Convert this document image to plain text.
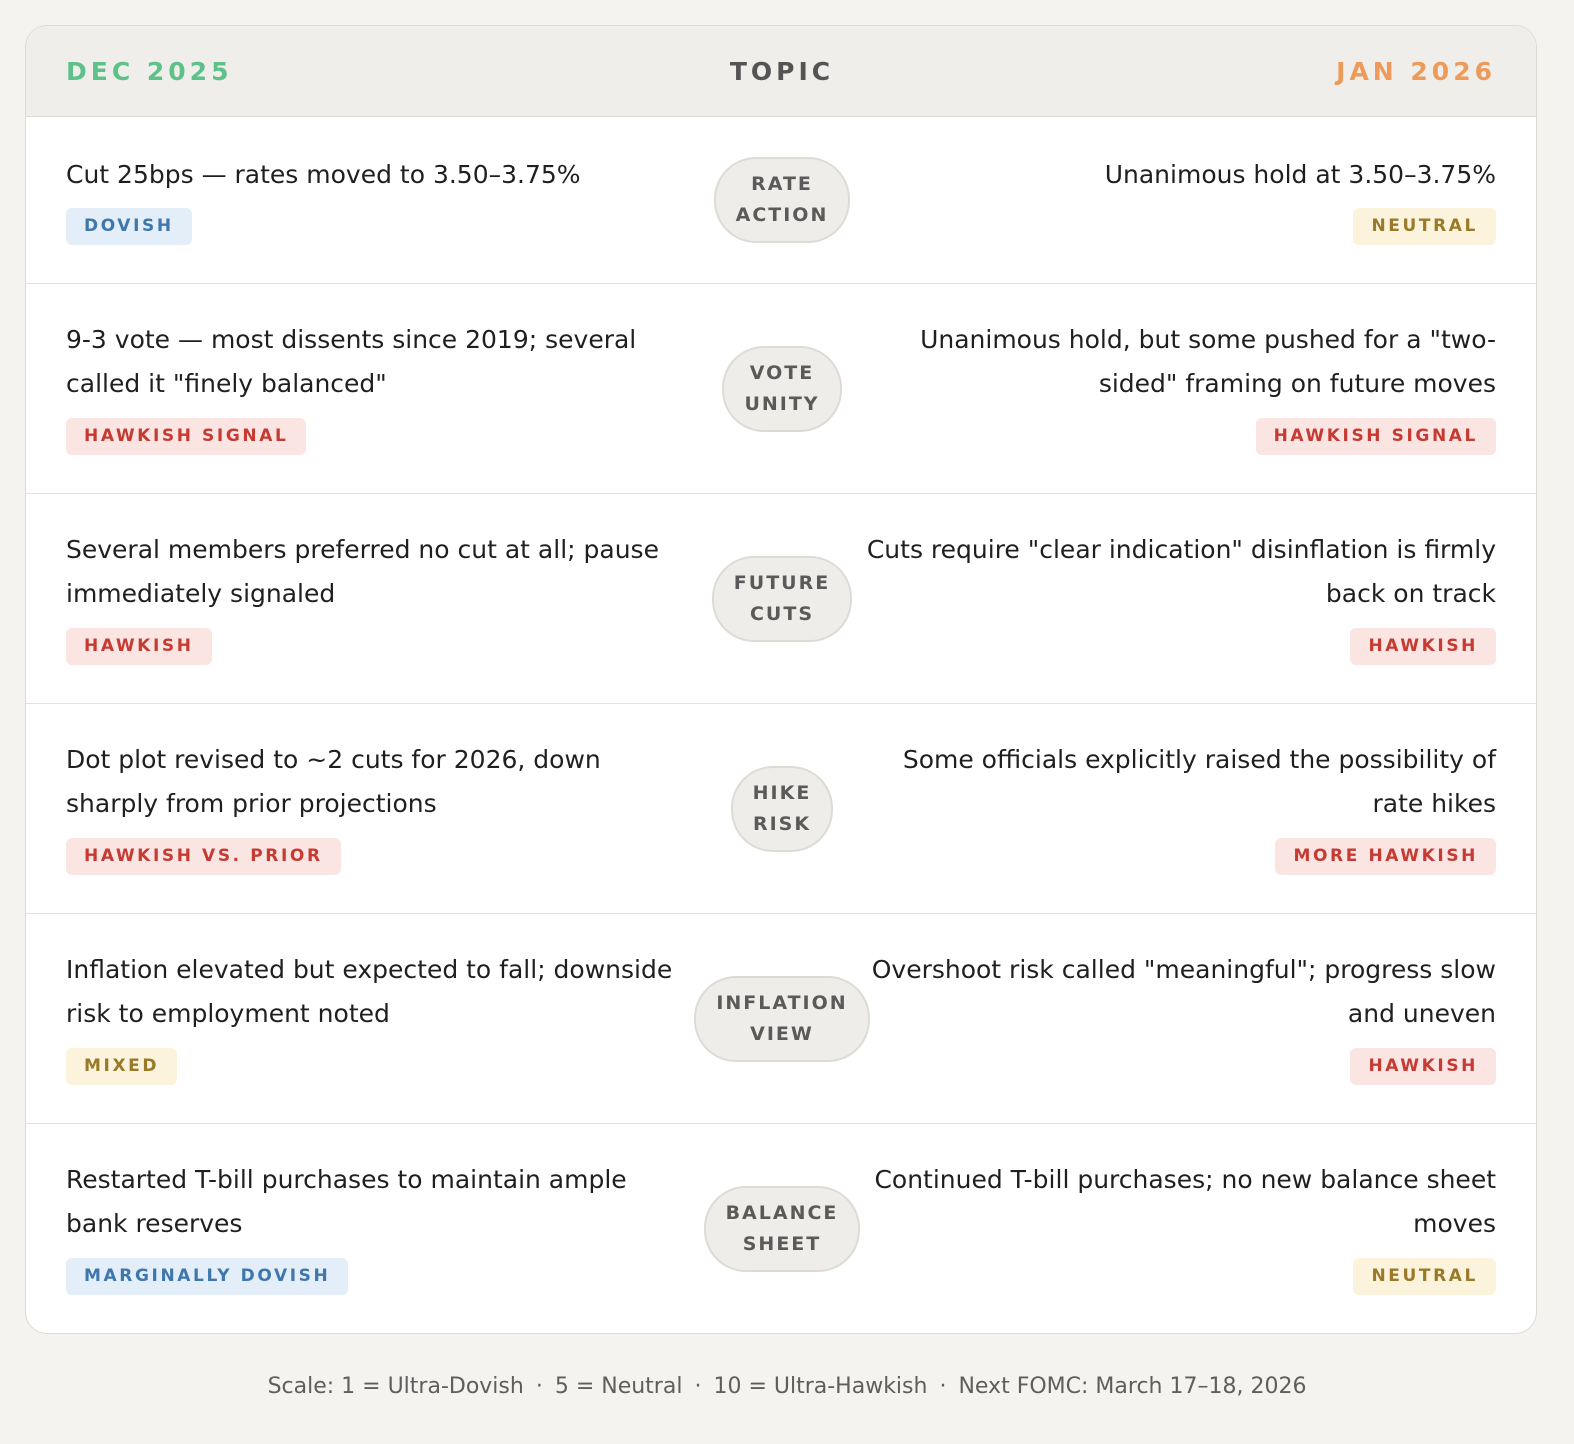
DEC 2025	TOPIC	JAN 2026
Cut 25bps — rates moved to 3.50–3.75%
DOVISH
RATE
ACTION
Unanimous hold at 3.50–3.75%
NEUTRAL
9-3 vote — most dissents since 2019; several called it "finely balanced"
HAWKISH SIGNAL
VOTE
UNITY
Unanimous hold, but some pushed for a "two-sided" framing on future moves
HAWKISH SIGNAL
Several members preferred no cut at all; pause immediately signaled
HAWKISH
FUTURE
CUTS
Cuts require "clear indication" disinflation is firmly back on track
HAWKISH
Dot plot revised to ~2 cuts for 2026, down sharply from prior projections
HAWKISH VS. PRIOR
HIKE
RISK
Some officials explicitly raised the possibility of rate hikes
MORE HAWKISH
Inflation elevated but expected to fall; downside risk to employment noted
MIXED
INFLATION
VIEW
Overshoot risk called "meaningful"; progress slow and uneven
HAWKISH
Restarted T-bill purchases to maintain ample bank reserves
MARGINALLY DOVISH
BALANCE
SHEET
Continued T-bill purchases; no new balance sheet moves
NEUTRAL
Scale: 1 = Ultra-Dovish · 5 = Neutral · 10 = Ultra-Hawkish · Next FOMC: March 17–18, 2026
